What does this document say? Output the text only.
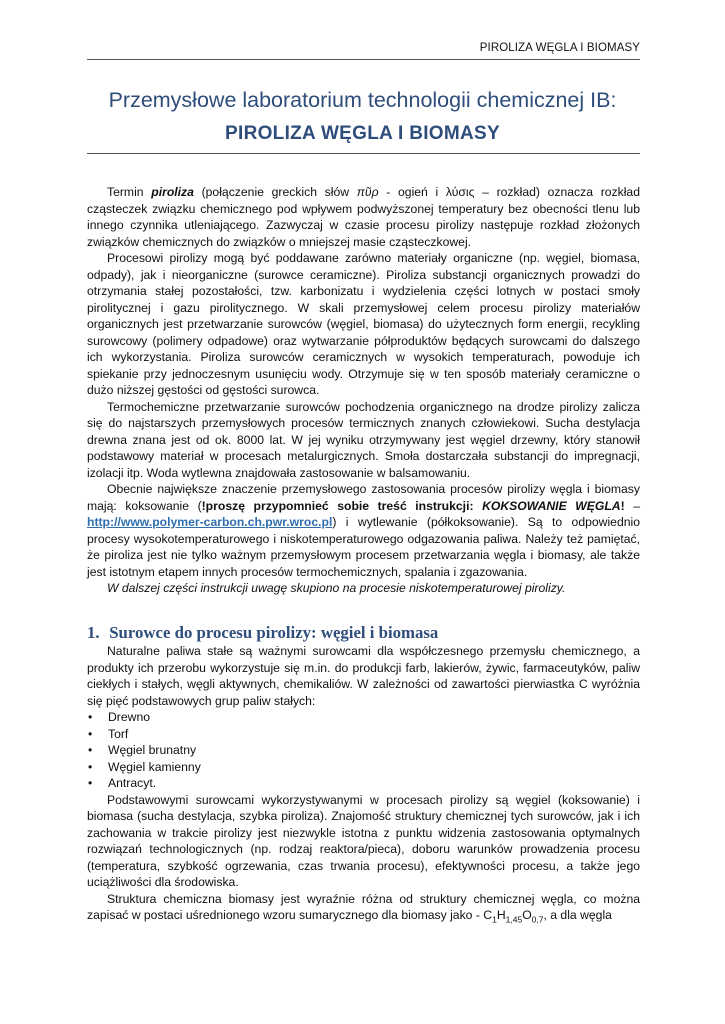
PIROLIZA WĘGLA I BIOMASY
Przemysłowe laboratorium technologii chemicznej IB:
PIROLIZA WĘGLA I BIOMASY

Termin piroliza (połączenie greckich słów πῦρ - ogień i λύσις – rozkład) oznacza rozkład cząsteczek związku chemicznego pod wpływem podwyższonej temperatury bez obecności tlenu lub innego czynnika utleniającego. Zazwyczaj w czasie procesu pirolizy następuje rozkład złożonych związków chemicznych do związków o mniejszej masie cząsteczkowej.

Procesowi pirolizy mogą być poddawane zarówno materiały organiczne (np. węgiel, biomasa, odpady), jak i nieorganiczne (surowce ceramiczne). Piroliza substancji organicznych prowadzi do otrzymania stałej pozostałości, tzw. karbonizatu i wydzielenia części lotnych w postaci smoły pirolitycznej i gazu pirolitycznego. W skali przemysłowej celem procesu pirolizy materiałów organicznych jest przetwarzanie surowców (węgiel, biomasa) do użytecznych form energii, recykling surowcowy (polimery odpadowe) oraz wytwarzanie półproduktów będących surowcami do dalszego ich wykorzystania. Piroliza surowców ceramicznych w wysokich temperaturach, powoduje ich spiekanie przy jednoczesnym usunięciu wody. Otrzymuje się w ten sposób materiały ceramiczne o dużo niższej gęstości od gęstości surowca.

Termochemiczne przetwarzanie surowców pochodzenia organicznego na drodze pirolizy zalicza się do najstarszych przemysłowych procesów termicznych znanych człowiekowi. Sucha destylacja drewna znana jest od ok. 8000 lat. W jej wyniku otrzymywany jest węgiel drzewny, który stanowił podstawowy materiał w procesach metalurgicznych. Smoła dostarczała substancji do impregnacji, izolacji itp. Woda wytlewna znajdowała zastosowanie w balsamowaniu.

Obecnie największe znaczenie przemysłowego zastosowania procesów pirolizy węgla i biomasy mają: koksowanie (!proszę przypomnieć sobie treść instrukcji: KOKSOWANIE WĘGLA! – http://www.polymer-carbon.ch.pwr.wroc.pl) i wytlewanie (półkoksowanie). Są to odpowiednio procesy wysokotemperaturowego i niskotemperaturowego odgazowania paliwa. Należy też pamiętać, że piroliza jest nie tylko ważnym przemysłowym procesem przetwarzania węgla i biomasy, ale także jest istotnym etapem innych procesów termochemicznych, spalania i zgazowania.

W dalszej części instrukcji uwagę skupiono na procesie niskotemperaturowej pirolizy.

1. Surowce do procesu pirolizy: węgiel i biomasa

Naturalne paliwa stałe są ważnymi surowcami dla współczesnego przemysłu chemicznego, a produkty ich przerobu wykorzystuje się m.in. do produkcji farb, lakierów, żywic, farmaceutyków, paliw ciekłych i stałych, węgli aktywnych, chemikaliów. W zależności od zawartości pierwiastka C wyróżnia się pięć podstawowych grup paliw stałych:

• Drewno
• Torf
• Węgiel brunatny
• Węgiel kamienny
• Antracyt.

Podstawowymi surowcami wykorzystywanymi w procesach pirolizy są węgiel (koksowanie) i biomasa (sucha destylacja, szybka piroliza). Znajomość struktury chemicznej tych surowców, jak i ich zachowania w trakcie pirolizy jest niezwykle istotna z punktu widzenia zastosowania optymalnych rozwiązań technologicznych (np. rodzaj reaktora/pieca), doboru warunków prowadzenia procesu (temperatura, szybkość ogrzewania, czas trwania procesu), efektywności procesu, a także jego uciążliwości dla środowiska.

Struktura chemiczna biomasy jest wyraźnie różna od struktury chemicznej węgla, co można zapisać w postaci uśrednionego wzoru sumarycznego dla biomasy jako - $C_1H_{1,45}O_{0,7}$, a dla węgla
